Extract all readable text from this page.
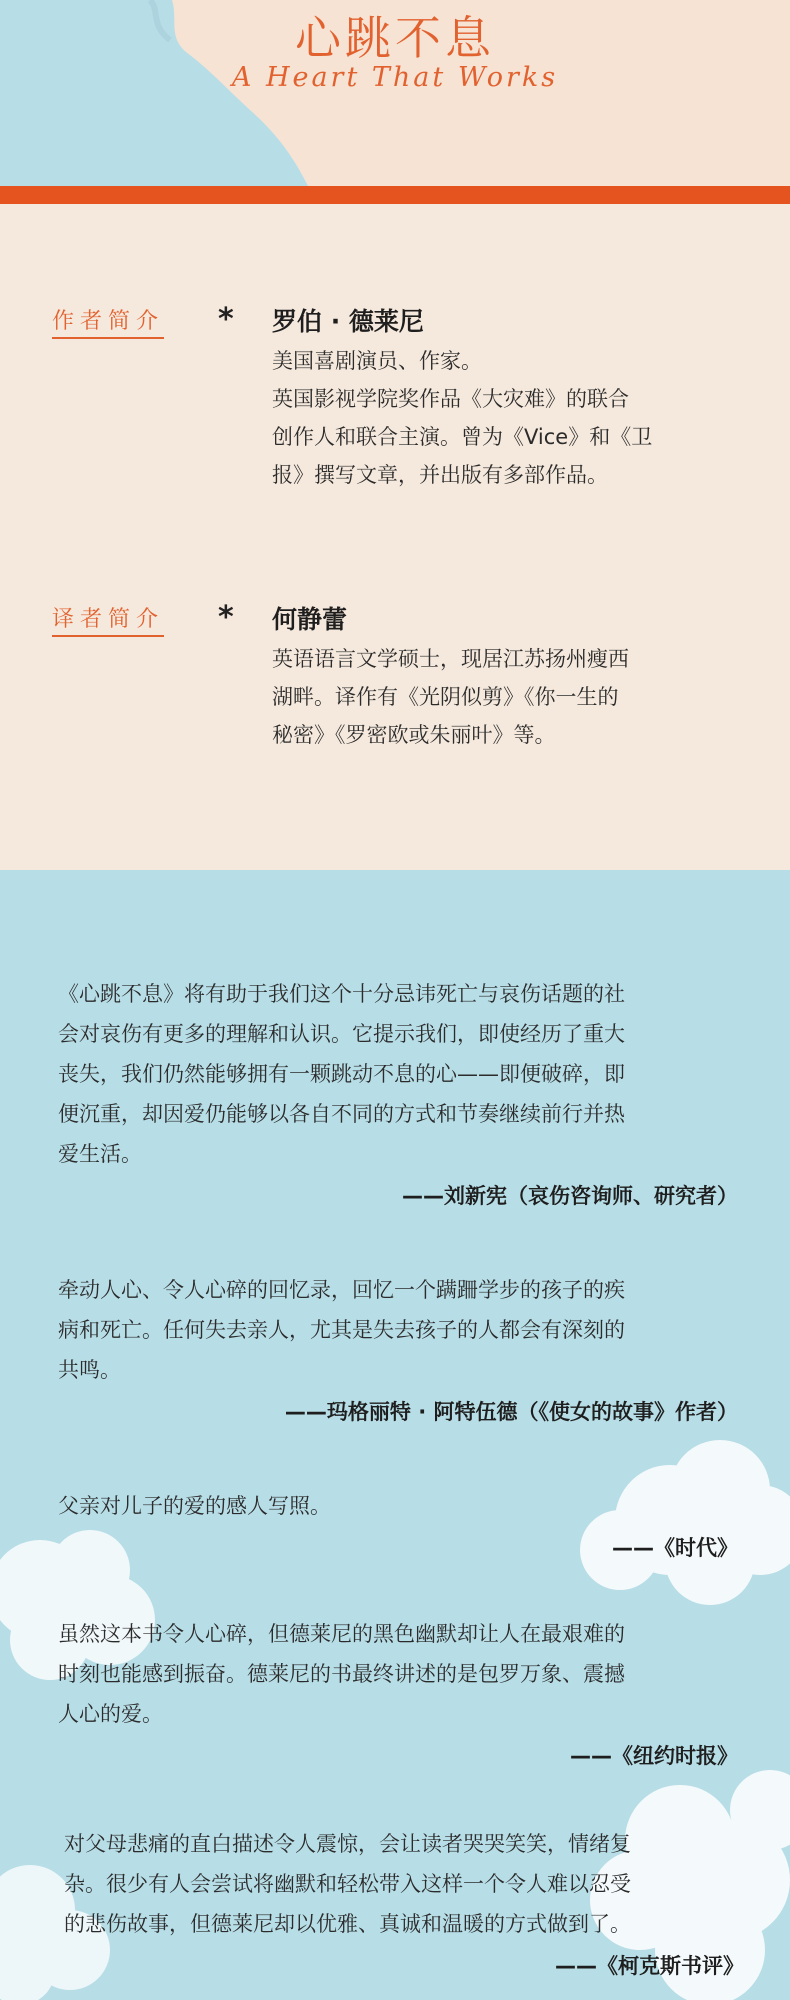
心跳不息
A Heart That Works
作者简介 * 罗伯 · 德莱尼

美国喜剧演员、作家。

英国影视学院奖作品《大灾难》的联合

创作人和联合主演。曾为《Vice》和《卫

报》撰写文章，并出版有多部作品。

译者简介 * 何静蕾

英语语言文学硕士，现居江苏扬州瘦西

湖畔。译作有《光阴似剪》《你一生的

秘密》《罗密欧或朱丽叶》等。

《心跳不息》将有助于我们这个十分忌讳死亡与哀伤话题的社

会对哀伤有更多的理解和认识。它提示我们，即使经历了重大

丧失，我们仍然能够拥有一颗跳动不息的心——即便破碎，即

便沉重，却因爱仍能够以各自不同的方式和节奏继续前行并热

爱生活。

——刘新宪（哀伤咨询师、研究者）

牵动人心、令人心碎的回忆录，回忆一个蹒跚学步的孩子的疾

病和死亡。任何失去亲人，尤其是失去孩子的人都会有深刻的

共鸣。

——玛格丽特 · 阿特伍德（《使女的故事》作者）

父亲对儿子的爱的感人写照。

——《时代》

虽然这本书令人心碎，但德莱尼的黑色幽默却让人在最艰难的

时刻也能感到振奋。德莱尼的书最终讲述的是包罗万象、震撼

人心的爱。

——《纽约时报》

对父母悲痛的直白描述令人震惊，会让读者哭哭笑笑，情绪复

杂。很少有人会尝试将幽默和轻松带入这样一个令人难以忍受

的悲伤故事，但德莱尼却以优雅、真诚和温暖的方式做到了。

——《柯克斯书评》
